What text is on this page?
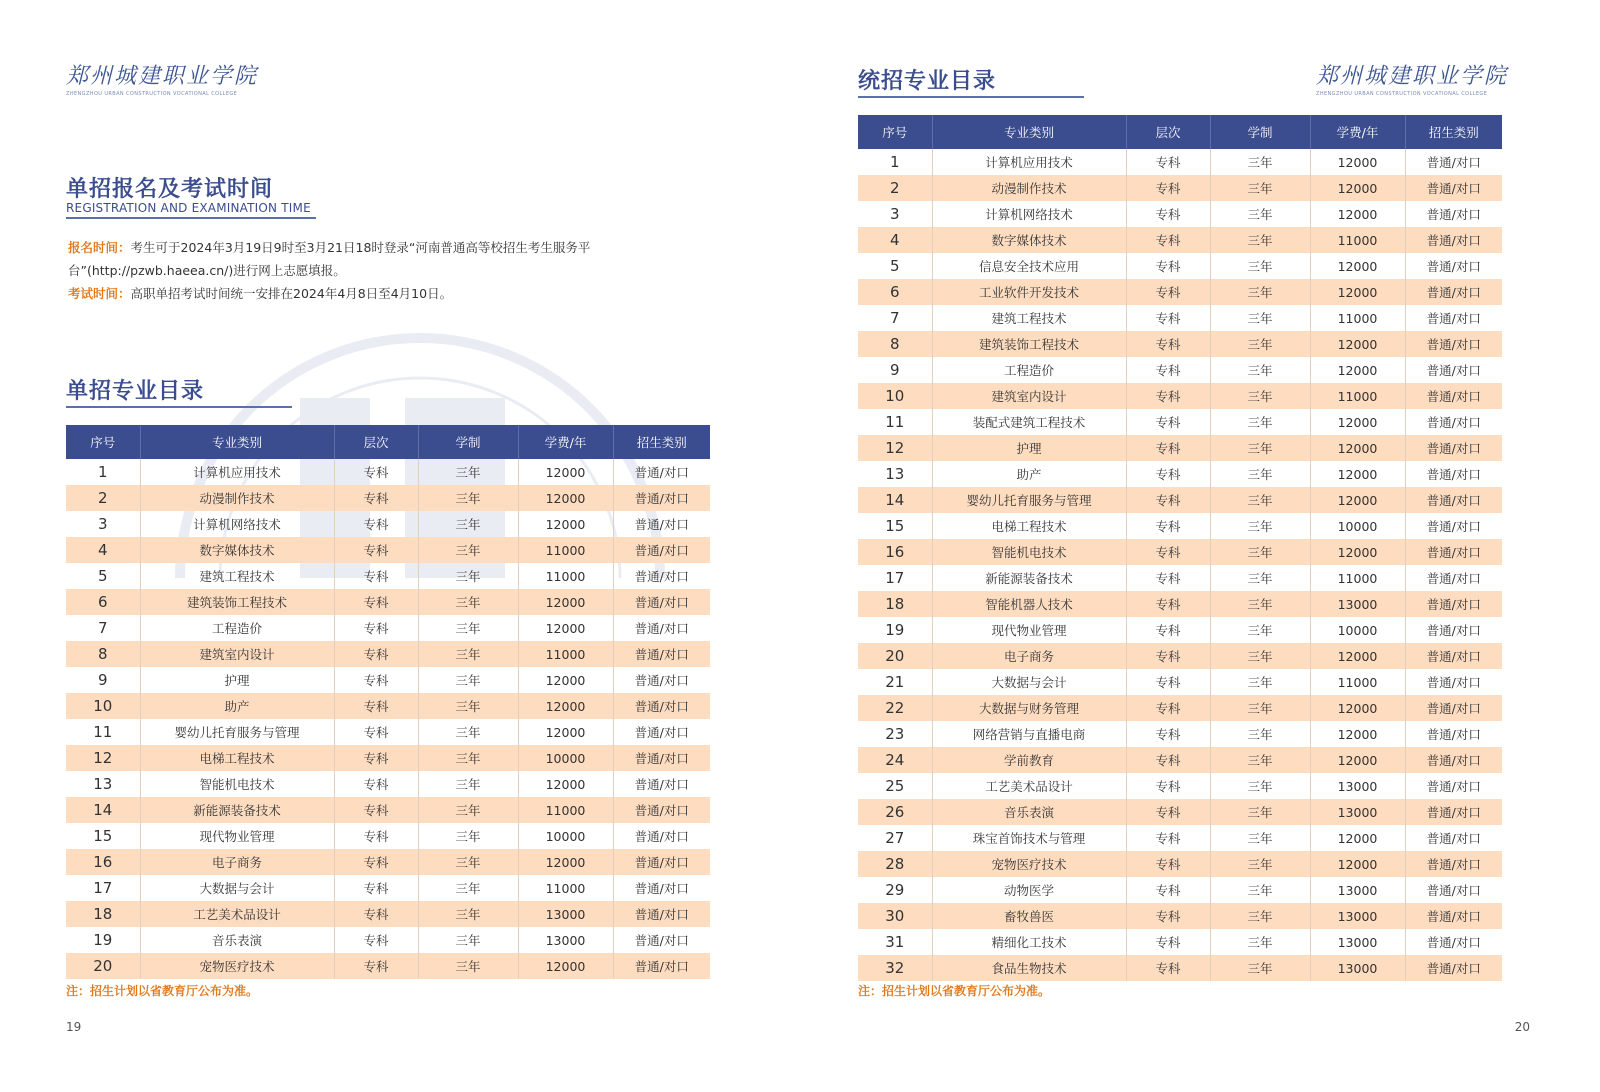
郑州城建职业学院
ZHENGZHOU URBAN CONSTRUCTION VOCATIONAL COLLEGE
单招报名及考试时间
REGISTRATION AND EXAMINATION TIME
报名时间：考生可于2024年3月19日9时至3月21日18时登录“河南普通高等校招生考生服务平台”(http://pzwb.haeea.cn/)进行网上志愿填报。
考试时间：高职单招考试时间统一安排在2024年4月8日至4月10日。
单招专业目录
序号	专业类别	层次	学制	学费/年	招生类别
1	计算机应用技术	专科	三年	12000	普通/对口
2	动漫制作技术	专科	三年	12000	普通/对口
3	计算机网络技术	专科	三年	12000	普通/对口
4	数字媒体技术	专科	三年	11000	普通/对口
5	建筑工程技术	专科	三年	11000	普通/对口
6	建筑装饰工程技术	专科	三年	12000	普通/对口
7	工程造价	专科	三年	12000	普通/对口
8	建筑室内设计	专科	三年	11000	普通/对口
9	护理	专科	三年	12000	普通/对口
10	助产	专科	三年	12000	普通/对口
11	婴幼儿托育服务与管理	专科	三年	12000	普通/对口
12	电梯工程技术	专科	三年	10000	普通/对口
13	智能机电技术	专科	三年	12000	普通/对口
14	新能源装备技术	专科	三年	11000	普通/对口
15	现代物业管理	专科	三年	10000	普通/对口
16	电子商务	专科	三年	12000	普通/对口
17	大数据与会计	专科	三年	11000	普通/对口
18	工艺美术品设计	专科	三年	13000	普通/对口
19	音乐表演	专科	三年	13000	普通/对口
20	宠物医疗技术	专科	三年	12000	普通/对口
注：招生计划以省教育厅公布为准。
19
统招专业目录	郑州城建职业学院
ZHENGZHOU URBAN CONSTRUCTION VOCATIONAL COLLEGE
序号	专业类别	层次	学制	学费/年	招生类别
1	计算机应用技术	专科	三年	12000	普通/对口
2	动漫制作技术	专科	三年	12000	普通/对口
3	计算机网络技术	专科	三年	12000	普通/对口
4	数字媒体技术	专科	三年	11000	普通/对口
5	信息安全技术应用	专科	三年	12000	普通/对口
6	工业软件开发技术	专科	三年	12000	普通/对口
7	建筑工程技术	专科	三年	11000	普通/对口
8	建筑装饰工程技术	专科	三年	12000	普通/对口
9	工程造价	专科	三年	12000	普通/对口
10	建筑室内设计	专科	三年	11000	普通/对口
11	装配式建筑工程技术	专科	三年	12000	普通/对口
12	护理	专科	三年	12000	普通/对口
13	助产	专科	三年	12000	普通/对口
14	婴幼儿托育服务与管理	专科	三年	12000	普通/对口
15	电梯工程技术	专科	三年	10000	普通/对口
16	智能机电技术	专科	三年	12000	普通/对口
17	新能源装备技术	专科	三年	11000	普通/对口
18	智能机器人技术	专科	三年	13000	普通/对口
19	现代物业管理	专科	三年	10000	普通/对口
20	电子商务	专科	三年	12000	普通/对口
21	大数据与会计	专科	三年	11000	普通/对口
22	大数据与财务管理	专科	三年	12000	普通/对口
23	网络营销与直播电商	专科	三年	12000	普通/对口
24	学前教育	专科	三年	12000	普通/对口
25	工艺美术品设计	专科	三年	13000	普通/对口
26	音乐表演	专科	三年	13000	普通/对口
27	珠宝首饰技术与管理	专科	三年	12000	普通/对口
28	宠物医疗技术	专科	三年	12000	普通/对口
29	动物医学	专科	三年	13000	普通/对口
30	畜牧兽医	专科	三年	13000	普通/对口
31	精细化工技术	专科	三年	13000	普通/对口
32	食品生物技术	专科	三年	13000	普通/对口
注：招生计划以省教育厅公布为准。
20
